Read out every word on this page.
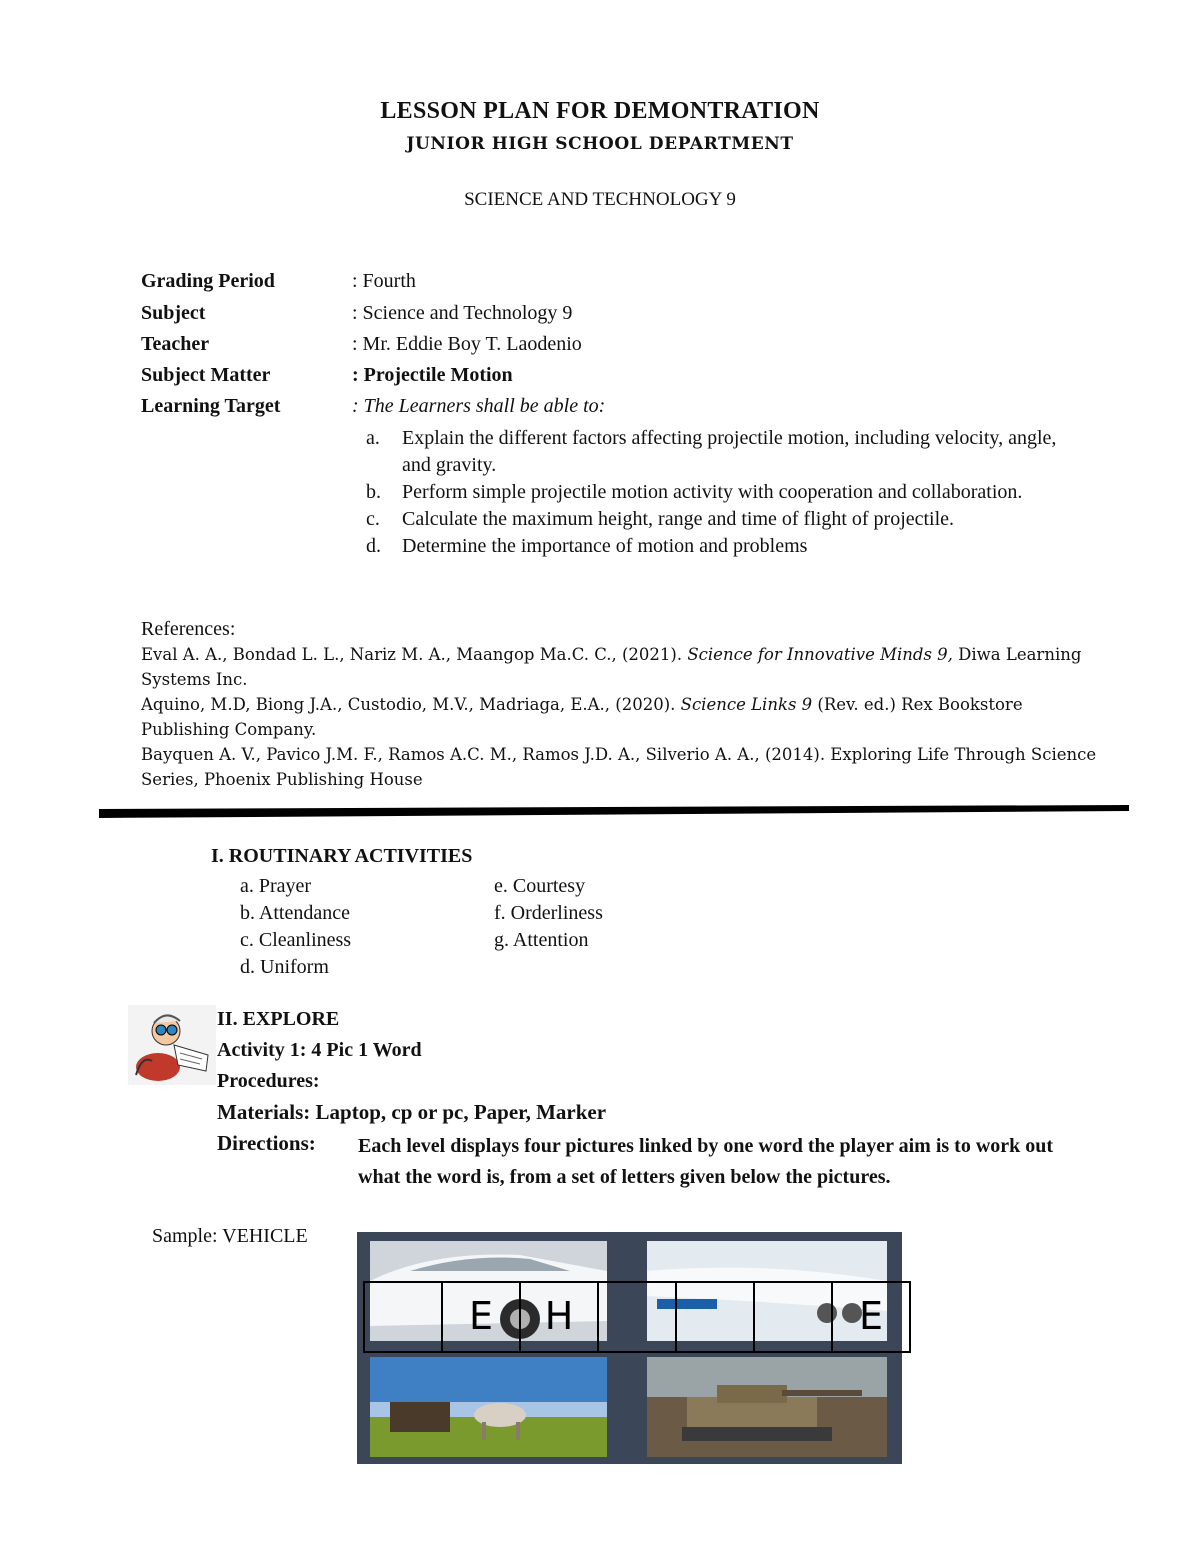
LESSON PLAN FOR DEMONTRATION
JUNIOR HIGH SCHOOL DEPARTMENT
SCIENCE AND TECHNOLOGY 9
Grading Period	: Fourth
Subject	: Science and Technology 9
Teacher	: Mr. Eddie Boy T. Laodenio
Subject Matter	: Projectile Motion
Learning Target	: The Learners shall be able to:
a.	Explain the different factors affecting projectile motion, including velocity, angle, and gravity.
b.	Perform simple projectile motion activity with cooperation and collaboration.
c.	Calculate the maximum height, range and time of flight of projectile.
d.	Determine the importance of motion and problems
References:
Eval A. A., Bondad L. L., Nariz M. A., Maangop Ma.C. C., (2021). Science for Innovative Minds 9, Diwa Learning Systems Inc.
Aquino, M.D, Biong J.A., Custodio, M.V., Madriaga, E.A., (2020). Science Links 9 (Rev. ed.) Rex Bookstore Publishing Company.
Bayquen A. V., Pavico J.M. F., Ramos A.C. M., Ramos J.D. A., Silverio A. A., (2014). Exploring Life Through Science Series, Phoenix Publishing House
I. ROUTINARY ACTIVITIES
a. Prayer
b. Attendance
c. Cleanliness
d. Uniform
e. Courtesy
f. Orderliness
g. Attention
II. EXPLORE
Activity 1: 4 Pic 1 Word
Procedures:
Materials: Laptop, cp or pc, Paper, Marker
Directions: Each level displays four pictures linked by one word the player aim is to work out what the word is, from a set of letters given below the pictures.
Sample: VEHICLE
E	H	E
